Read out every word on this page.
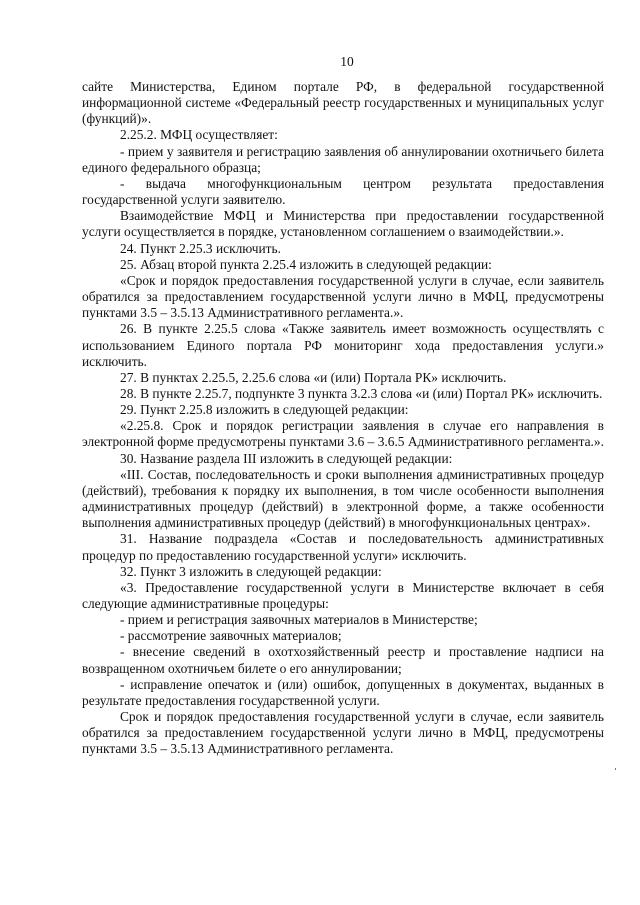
10

сайте Министерства, Едином портале РФ, в федеральной государственной информационной системе «Федеральный реестр государственных и муниципальных услуг (функций)».

2.25.2. МФЦ осуществляет:

- прием у заявителя и регистрацию заявления об аннулировании охотничьего билета единого федерального образца;

- выдача многофункциональным центром результата предоставления государственной услуги заявителю.

Взаимодействие МФЦ и Министерства при предоставлении государственной услуги осуществляется в порядке, установленном соглашением о взаимодействии.».

24. Пункт 2.25.3 исключить.

25. Абзац второй пункта 2.25.4 изложить в следующей редакции:

«Срок и порядок предоставления государственной услуги в случае, если заявитель обратился за предоставлением государственной услуги лично в МФЦ, предусмотрены пунктами 3.5 – 3.5.13 Административного регламента.».

26. В пункте 2.25.5 слова «Также заявитель имеет возможность осуществлять с использованием Единого портала РФ мониторинг хода предоставления услуги.» исключить.

27. В пунктах 2.25.5, 2.25.6 слова «и (или) Портала РК» исключить.

28. В пункте 2.25.7, подпункте 3 пункта 3.2.3 слова «и (или) Портал РК» исключить.

29. Пункт 2.25.8 изложить в следующей редакции:

«2.25.8. Срок и порядок регистрации заявления в случае его направления в электронной форме предусмотрены пунктами 3.6 – 3.6.5 Административного регламента.».

30. Название раздела III изложить в следующей редакции:

«III. Состав, последовательность и сроки выполнения административных процедур (действий), требования к порядку их выполнения, в том числе особенности выполнения административных процедур (действий) в электронной форме, а также особенности выполнения административных процедур (действий) в многофункциональных центрах».

31. Название подраздела «Состав и последовательность административных процедур по предоставлению государственной услуги» исключить.

32. Пункт 3 изложить в следующей редакции:

«3. Предоставление государственной услуги в Министерстве включает в себя следующие административные процедуры:

- прием и регистрация заявочных материалов в Министерстве;

- рассмотрение заявочных материалов;

- внесение сведений в охотхозяйственный реестр и проставление надписи на возвращенном охотничьем билете о его аннулировании;

- исправление опечаток и (или) ошибок, допущенных в документах, выданных в результате предоставления государственной услуги.

Срок и порядок предоставления государственной услуги в случае, если заявитель обратился за предоставлением государственной услуги лично в МФЦ, предусмотрены пунктами 3.5 – 3.5.13 Административного регламента.
